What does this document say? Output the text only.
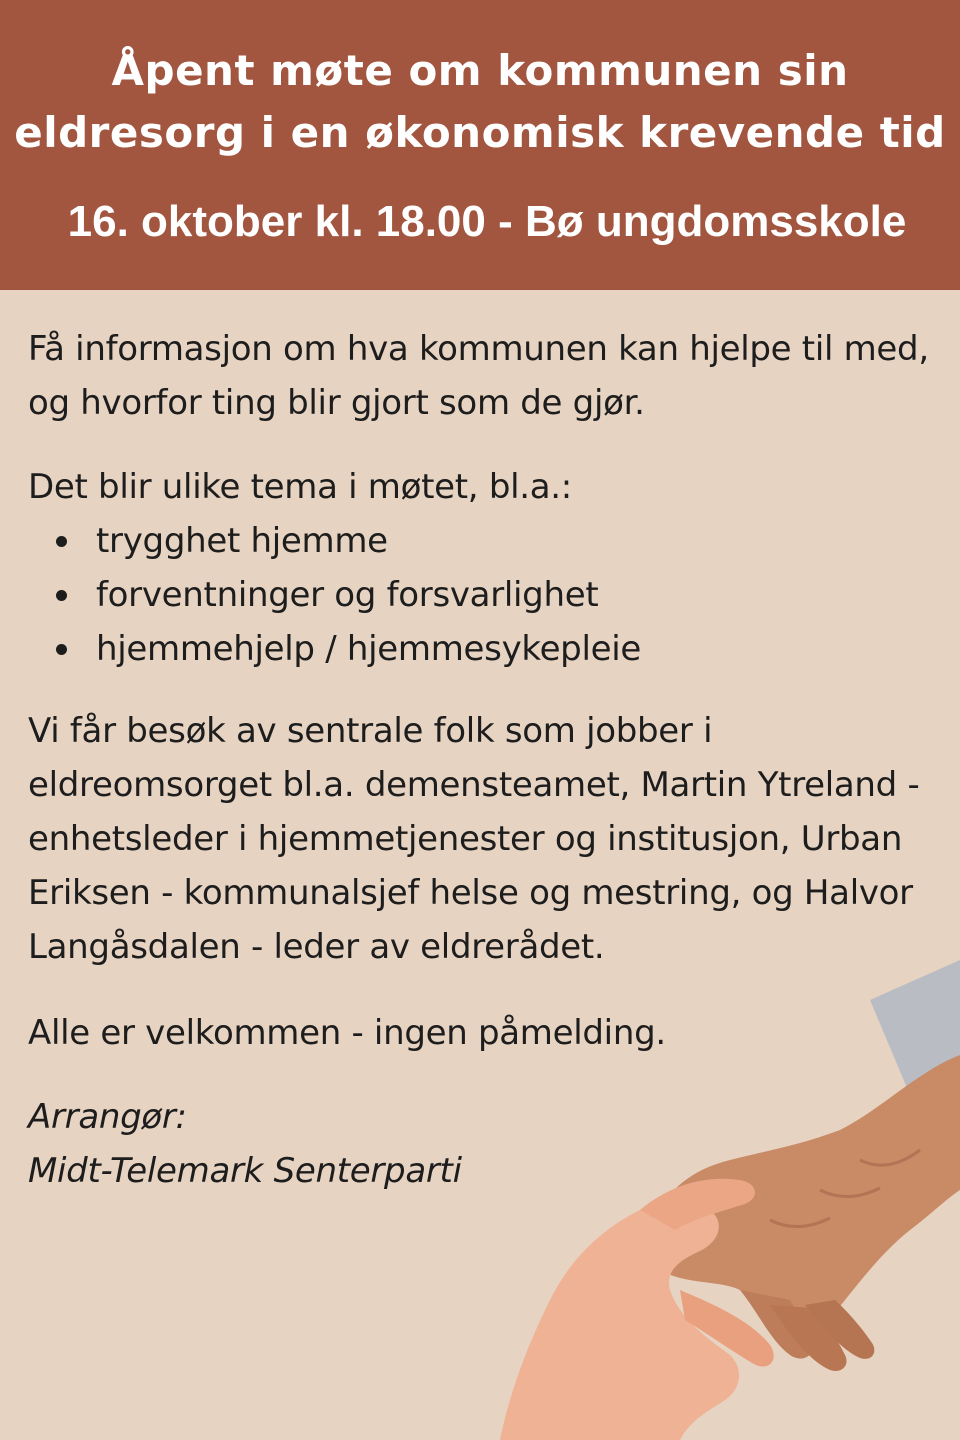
Åpent møte om kommunen sin
eldresorg i en økonomisk krevende tid
16. oktober kl. 18.00 - Bø ungdomsskole

Få informasjon om hva kommunen kan hjelpe til med, og hvorfor ting blir gjort som de gjør.

Det blir ulike tema i møtet, bl.a.:

trygghet hjemme
forventninger og forsvarlighet
hjemmehjelp / hjemmesykepleie

Vi får besøk av sentrale folk som jobber i eldreomsorget bl.a. demensteamet, Martin Ytreland - enhetsleder i hjemmetjenester og institusjon, Urban Eriksen - kommunalsjef helse og mestring, og Halvor Langåsdalen - leder av eldrerådet.

Alle er velkommen - ingen påmelding.

Arrangør:

Midt-Telemark Senterparti
